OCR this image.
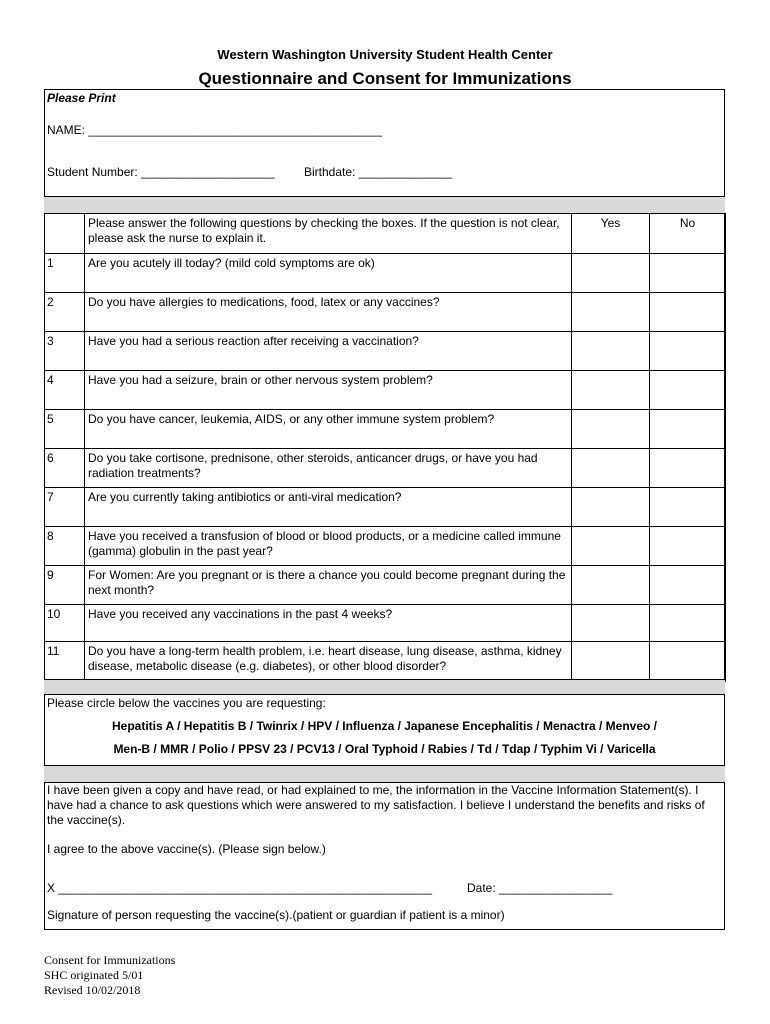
Western Washington University Student Health Center
Questionnaire and Consent for Immunizations
Please Print
NAME: ____________________________________________
Student Number: ____________________ Birthdate: ______________
	Please answer the following questions by checking the boxes. If the question is not clear, please ask the nurse to explain it.	Yes	No
1	Are you acutely ill today? (mild cold symptoms are ok)		
2	Do you have allergies to medications, food, latex or any vaccines?		
3	Have you had a serious reaction after receiving a vaccination?		
4	Have you had a seizure, brain or other nervous system problem?		
5	Do you have cancer, leukemia, AIDS, or any other immune system problem?		
6	Do you take cortisone, prednisone, other steroids, anticancer drugs, or have you had radiation treatments?		
7	Are you currently taking antibiotics or anti-viral medication?		
8	Have you received a transfusion of blood or blood products, or a medicine called immune (gamma) globulin in the past year?		
9	For Women: Are you pregnant or is there a chance you could become pregnant during the next month?		
10	Have you received any vaccinations in the past 4 weeks?		
11	Do you have a long-term health problem, i.e. heart disease, lung disease, asthma, kidney disease, metabolic disease (e.g. diabetes), or other blood disorder?		
Please circle below the vaccines you are requesting:
Hepatitis A / Hepatitis B / Twinrix / HPV / Influenza / Japanese Encephalitis / Menactra / Menveo /
Men-B / MMR / Polio / PPSV 23 / PCV13 / Oral Typhoid / Rabies / Td / Tdap / Typhim Vi / Varicella
I have been given a copy and have read, or had explained to me, the information in the Vaccine Information Statement(s). I have had a chance to ask questions which were answered to my satisfaction. I believe I understand the benefits and risks of the vaccine(s).
I agree to the above vaccine(s). (Please sign below.)
X ________________________________________________________	Date: _________________
Signature of person requesting the vaccine(s).(patient or guardian if patient is a minor)
Consent for Immunizations
SHC originated 5/01
Revised 10/02/2018
